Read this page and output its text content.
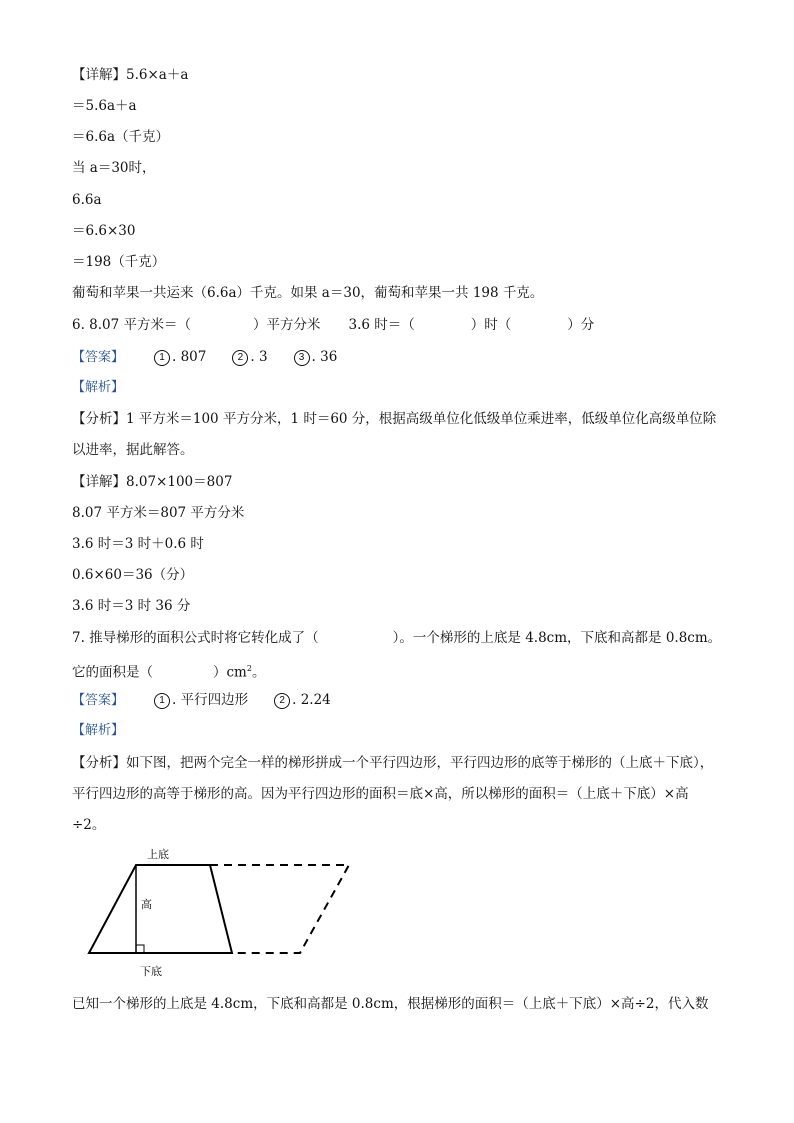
【详解】5.6×a＋a
＝5.6a＋a
＝6.6a（千克）
当 a＝30时，
6.6a
＝6.6×30
＝198（千克）
葡萄和苹果一共运来（6.6a）千克。如果 a＝30，葡萄和苹果一共 198 千克。
6. 8.07 平方米＝（	）平方分米 3.6 时＝（	）时（	）分
【答案】	1 . 807	2 . 3	3 . 36
【解析】
【分析】1 平方米＝100 平方分米，1 时＝60 分，根据高级单位化低级单位乘进率，低级单位化高级单位除
以进率，据此解答。
【详解】8.07×100＝807
8.07 平方米＝807 平方分米
3.6 时＝3 时＋0.6 时
0.6×60＝36（分）
3.6 时＝3 时 36 分
7. 推导梯形的面积公式时将它转化成了（	）。一个梯形的上底是 4.8cm，下底和高都是 0.8cm。
它的面积是（	）$cm^2$。
【答案】	1 . 平行四边形	2 . 2.24
【解析】
【分析】如下图，把两个完全一样的梯形拼成一个平行四边形，平行四边形的底等于梯形的（上底＋下底），
平行四边形的高等于梯形的高。因为平行四边形的面积＝底×高，所以梯形的面积＝（上底＋下底）×高
÷2。
上底
高
下底
已知一个梯形的上底是 4.8cm，下底和高都是 0.8cm，根据梯形的面积＝（上底＋下底）×高÷2，代入数
